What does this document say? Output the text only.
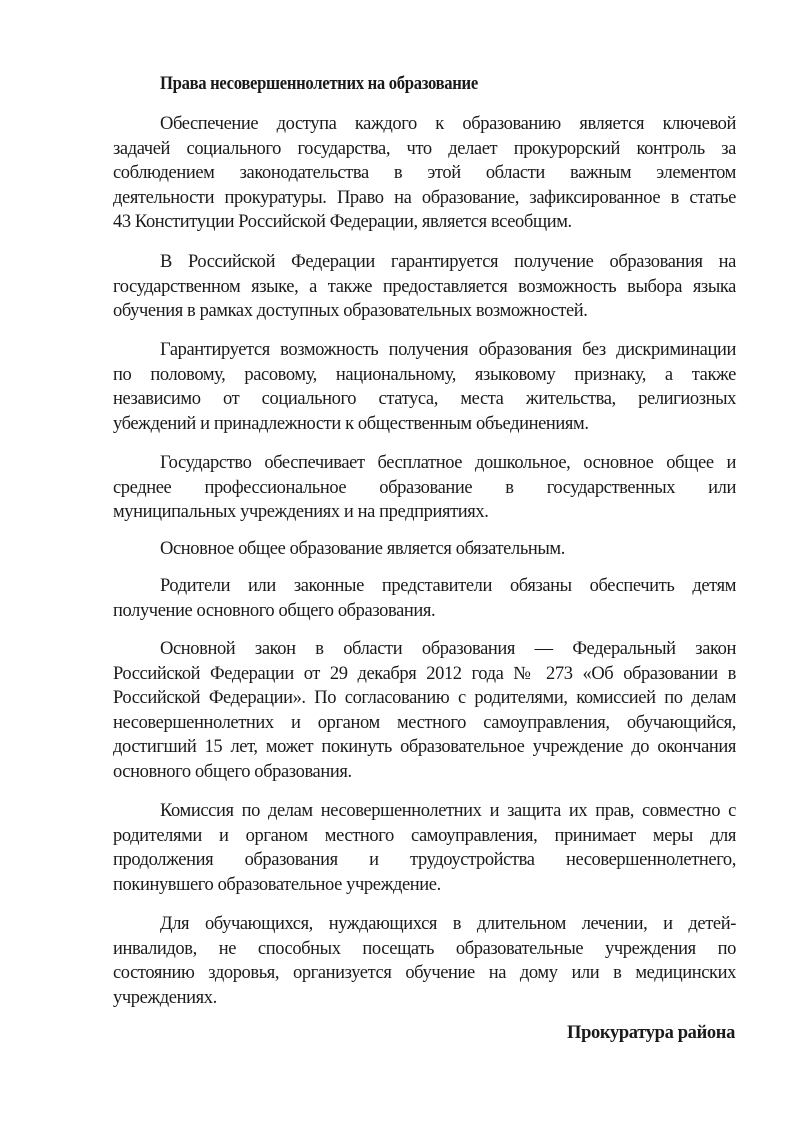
Права несовершеннолетних на образование
Обеспечение доступа каждого к образованию является ключевой
задачей социального государства, что делает прокурорский контроль за
соблюдением законодательства в этой области важным элементом
деятельности прокуратуры. Право на образование, зафиксированное в статье
43 Конституции Российской Федерации, является всеобщим.
В Российской Федерации гарантируется получение образования на
государственном языке, а также предоставляется возможность выбора языка
обучения в рамках доступных образовательных возможностей.
Гарантируется возможность получения образования без дискриминации
по половому, расовому, национальному, языковому признаку, а также
независимо от социального статуса, места жительства, религиозных
убеждений и принадлежности к общественным объединениям.
Государство обеспечивает бесплатное дошкольное, основное общее и
среднее профессиональное образование в государственных или
муниципальных учреждениях и на предприятиях.
Основное общее образование является обязательным.
Родители или законные представители обязаны обеспечить детям
получение основного общего образования.
Основной закон в области образования — Федеральный закон
Российской Федерации от 29 декабря 2012 года № 273 «Об образовании в
Российской Федерации». По согласованию с родителями, комиссией по делам
несовершеннолетних и органом местного самоуправления, обучающийся,
достигший 15 лет, может покинуть образовательное учреждение до окончания
основного общего образования.
Комиссия по делам несовершеннолетних и защита их прав, совместно с
родителями и органом местного самоуправления, принимает меры для
продолжения образования и трудоустройства несовершеннолетнего,
покинувшего образовательное учреждение.
Для обучающихся, нуждающихся в длительном лечении, и детей-
инвалидов, не способных посещать образовательные учреждения по
состоянию здоровья, организуется обучение на дому или в медицинских
учреждениях.
Прокуратура района
